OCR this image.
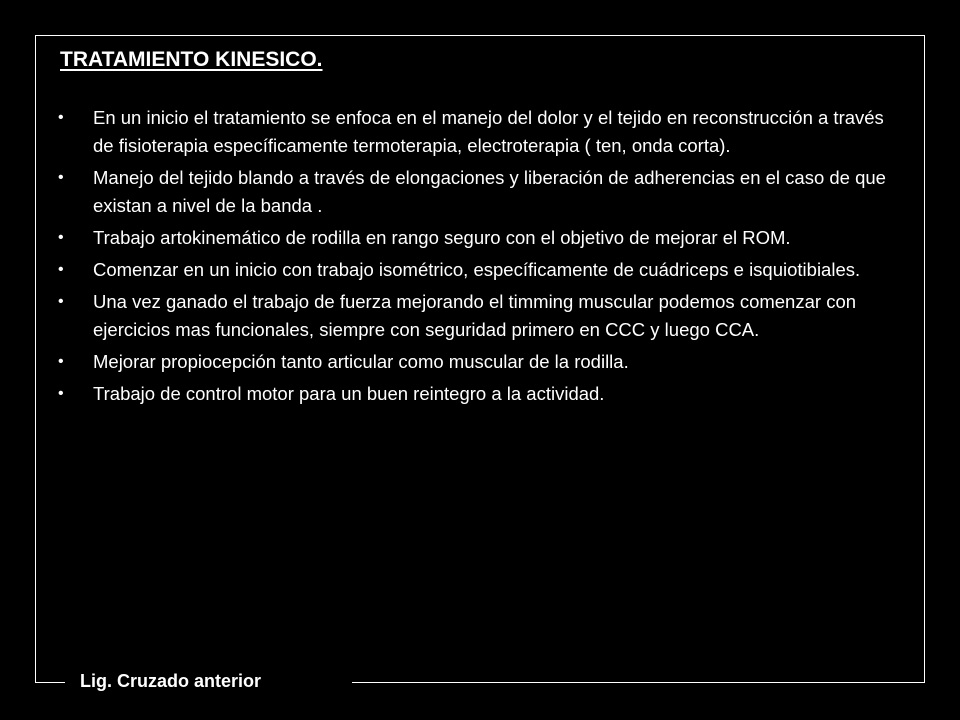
TRATAMIENTO KINESICO.
• En un inicio el tratamiento se enfoca en el manejo del dolor y el tejido en reconstrucción a través de fisioterapia específicamente termoterapia, electroterapia ( ten, onda corta).
• Manejo del tejido blando a través de elongaciones y liberación de adherencias en el caso de que existan a nivel de la banda .
• Trabajo artokinemático de rodilla en rango seguro con el objetivo de mejorar el ROM.
• Comenzar en un inicio con trabajo isométrico, específicamente de cuádriceps e isquiotibiales.
• Una vez ganado el trabajo de fuerza mejorando el timming muscular podemos comenzar con ejercicios mas funcionales, siempre con seguridad primero en CCC y luego CCA.
• Mejorar propiocepción tanto articular como muscular de la rodilla.
• Trabajo de control motor para un buen reintegro a la actividad.

Lig. Cruzado anterior
